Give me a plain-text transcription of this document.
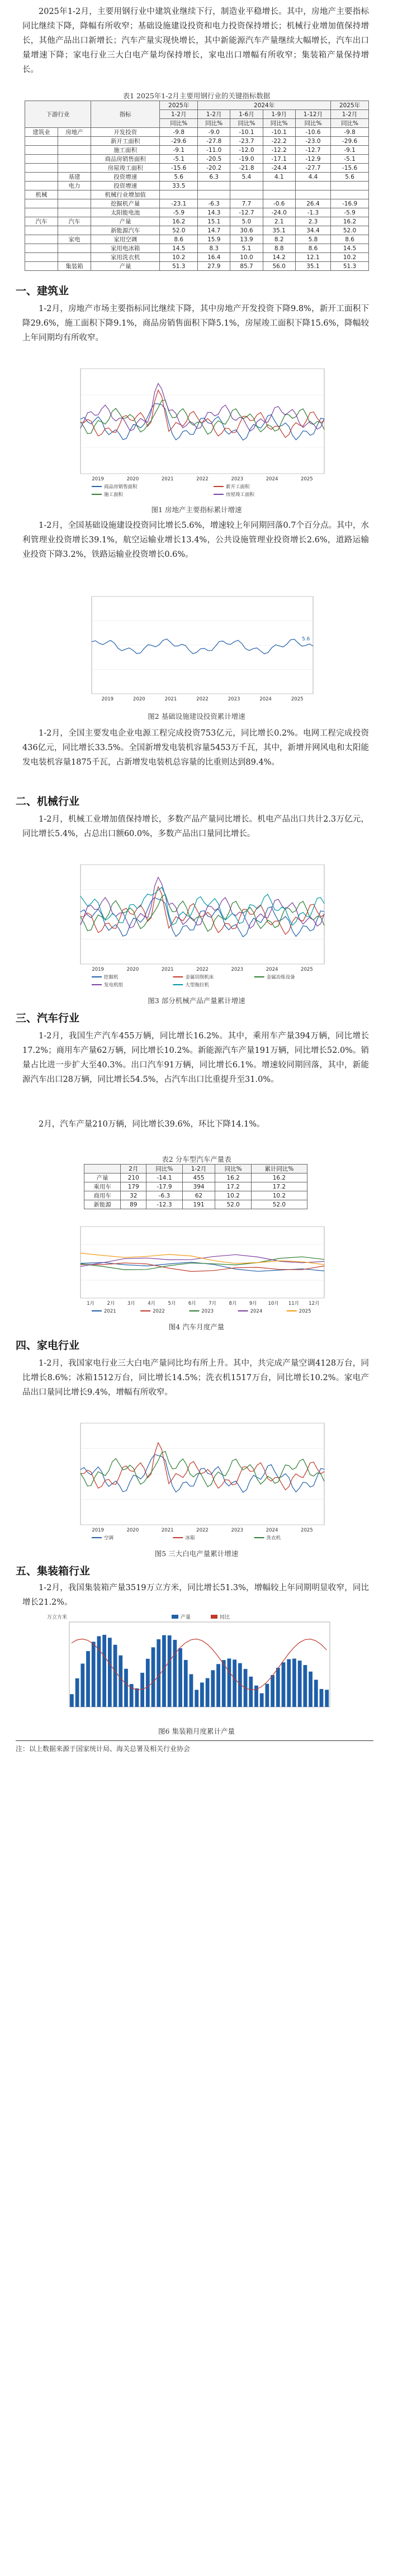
2025年1-2月，主要用钢行业中建筑业继续下行，制造业平稳增长。其中，房地产主要指标同比继续下降，降幅有所收窄；基础设施建设投资和电力投资保持增长；机械行业增加值保持增长，其他产品出口新增长；汽车产量实现快增长，其中新能源汽车产量继续大幅增长，汽车出口量增速下降；家电行业三大白电产量均保持增长，家电出口增幅有所收窄；集装箱产量保持增长。

表1 2025年1-2月主要用钢行业的关键指标数据

下游行业		指标	2025年	2024年				2025年
			1-2月	1-2月	1-6月	1-9月	1-12月	1-2月
			同比%	同比%	同比%	同比%	同比%	同比%
建筑业	房地产	开发投资	-9.8	-9.0	-10.1	-10.1	-10.6	-9.8
		新开工面积	-29.6	-27.8	-23.7	-22.2	-23.0	-29.6
		施工面积	-9.1	-11.0	-12.0	-12.2	-12.7	-9.1
		商品房销售面积	-5.1	-20.5	-19.0	-17.1	-12.9	-5.1
		房屋竣工面积	-15.6	-20.2	-21.8	-24.4	-27.7	-15.6
	基建	投资增速	5.6	6.3	5.4	4.1	4.4	5.6
	电力	投资增速	33.5					
机械		机械行业增加值						
		挖掘机产量	-23.1	-6.3	7.7	-0.6	26.4	-16.9
		太阳能电池	-5.9	14.3	-12.7	-24.0	-1.3	-5.9
汽车	汽车	产量	16.2	15.1	5.0	2.1	2.3	16.2
		新能源汽车	52.0	14.7	30.6	35.1	34.4	52.0
	家电	家用空调	8.6	15.9	13.9	8.2	5.8	8.6
		家用电冰箱	14.5	8.3	5.1	8.8	8.6	14.5
		家用洗衣机	10.2	16.4	10.0	14.2	12.1	10.2
	集装箱	产量	51.3	27.9	85.7	56.0	35.1	51.3

一、建筑业

1-2月，房地产市场主要指标同比继续下降，其中房地产开发投资下降9.8%，新开工面积下降29.6%，施工面积下降9.1%，商品房销售面积下降5.1%，房屋竣工面积下降15.6%，降幅较上年同期均有所收窄。

2019	2020	2021	2022	2023	2024	2025
商品房销售面积	新开工面积
施工面积	房屋竣工面积

图1 房地产主要指标累计增速

1-2月，全国基础设施建设投资同比增长5.6%，增速较上年同期回落0.7个百分点。其中，水利管理业投资增长39.1%，航空运输业增长13.4%，公共设施管理业投资增长2.6%，道路运输业投资下降3.2%，铁路运输业投资增长0.6%。

2019	2020	2021	2022	2023	2024	2025
5.6

图2 基础设施建设投资累计增速

1-2月，全国主要发电企业电源工程完成投资753亿元，同比增长0.2%。电网工程完成投资436亿元，同比增长33.5%。全国新增发电装机容量5453万千瓦，其中，新增并网风电和太阳能发电装机容量1875千瓦，占新增发电装机总容量的比重则达到89.4%。

二、机械行业

1-2月，机械工业增加值保持增长，多数产品产量同比增长。机电产品出口共计2.3万亿元，同比增长5.4%，占总出口额60.0%，多数产品出口量同比增长。

2019	2020	2021	2022	2023	2024	2025
挖掘机	金属切削机床	金属冶炼设备
发电机组	大型拖拉机

图3 部分机械产品产量累计增速

三、汽车行业

1-2月，我国生产汽车455万辆，同比增长16.2%。其中，乘用车产量394万辆，同比增长17.2%；商用车产量62万辆，同比增长10.2%。新能源汽车产量191万辆，同比增长52.0%。销量占比进一步扩大至40.3%。出口汽车91万辆，同比增长6.1%。增速较同期回落，其中，新能源汽车出口28万辆，同比增长54.5%，占汽车出口比重提升至31.0%。

2月，汽车产量210万辆，同比增长39.6%，环比下降14.1%。

表2 分车型汽车产量表

	2月	同比%	1-2月	同比%	累计同比%
产量	210	-14.1	455	16.2	16.2
乘用车	179	-17.9	394	17.2	17.2
商用车	32	-6.3	62	10.2	10.2
新能源	89	-12.3	191	52.0	52.0
1月	2月	3月	4月	5月	6月	7月	8月	9月 10月 11月 12月
2021	2022	2023	2024	2025

图4 汽车月度产量

四、家电行业

1-2月，我国家电行业三大白电产量同比均有所上升。其中，共完成产量空调4128万台，同比增长8.6%；冰箱1512万台，同比增长14.5%；洗衣机1517万台，同比增长10.2%。家电产品出口量同比增长9.4%，增幅有所收窄。

2019	2020	2021	2022	2023	2024	2025
空调	冰箱	洗衣机

图5 三大白电产量累计增速

五、集装箱行业

1-2月，我国集装箱产量3519万立方米，同比增长51.3%，增幅较上年同期明显收窄，同比增长21.2%。

万立方米	产量	同比

图6 集装箱月度累计产量

注：以上数据来源于国家统计局、海关总署及相关行业协会
